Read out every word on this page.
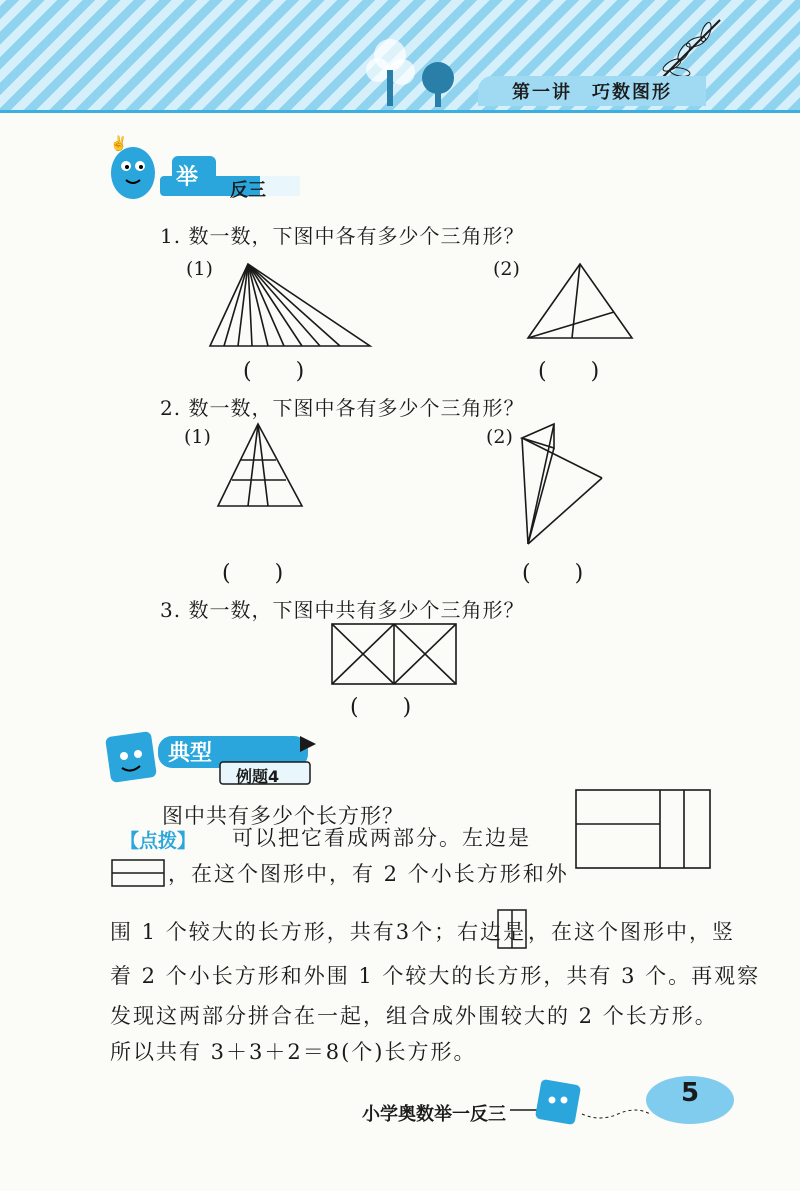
第一讲　巧数图形
✌
举
一
反三
1. 数一数，下图中各有多少个三角形？
(1)	(2)
(　　)	(　　)
2. 数一数，下图中各有多少个三角形？
(1)	(2)
(　　)	(　　)
3. 数一数，下图中共有多少个三角形？
(　　)
典型
例题4
图中共有多少个长方形？
【点拨】 可以把它看成两部分。左边是
，在这个图形中，有 2 个小长方形和外
围 1 个较大的长方形，共有3个；右边是 ，在这个图形中，竖
着 2 个小长方形和外围 1 个较大的长方形，共有 3 个。再观察
发现这两部分拼合在一起，组合成外围较大的 2 个长方形。
所以共有 3＋3＋2＝8(个)长方形。
小学奥数举一反三
5
